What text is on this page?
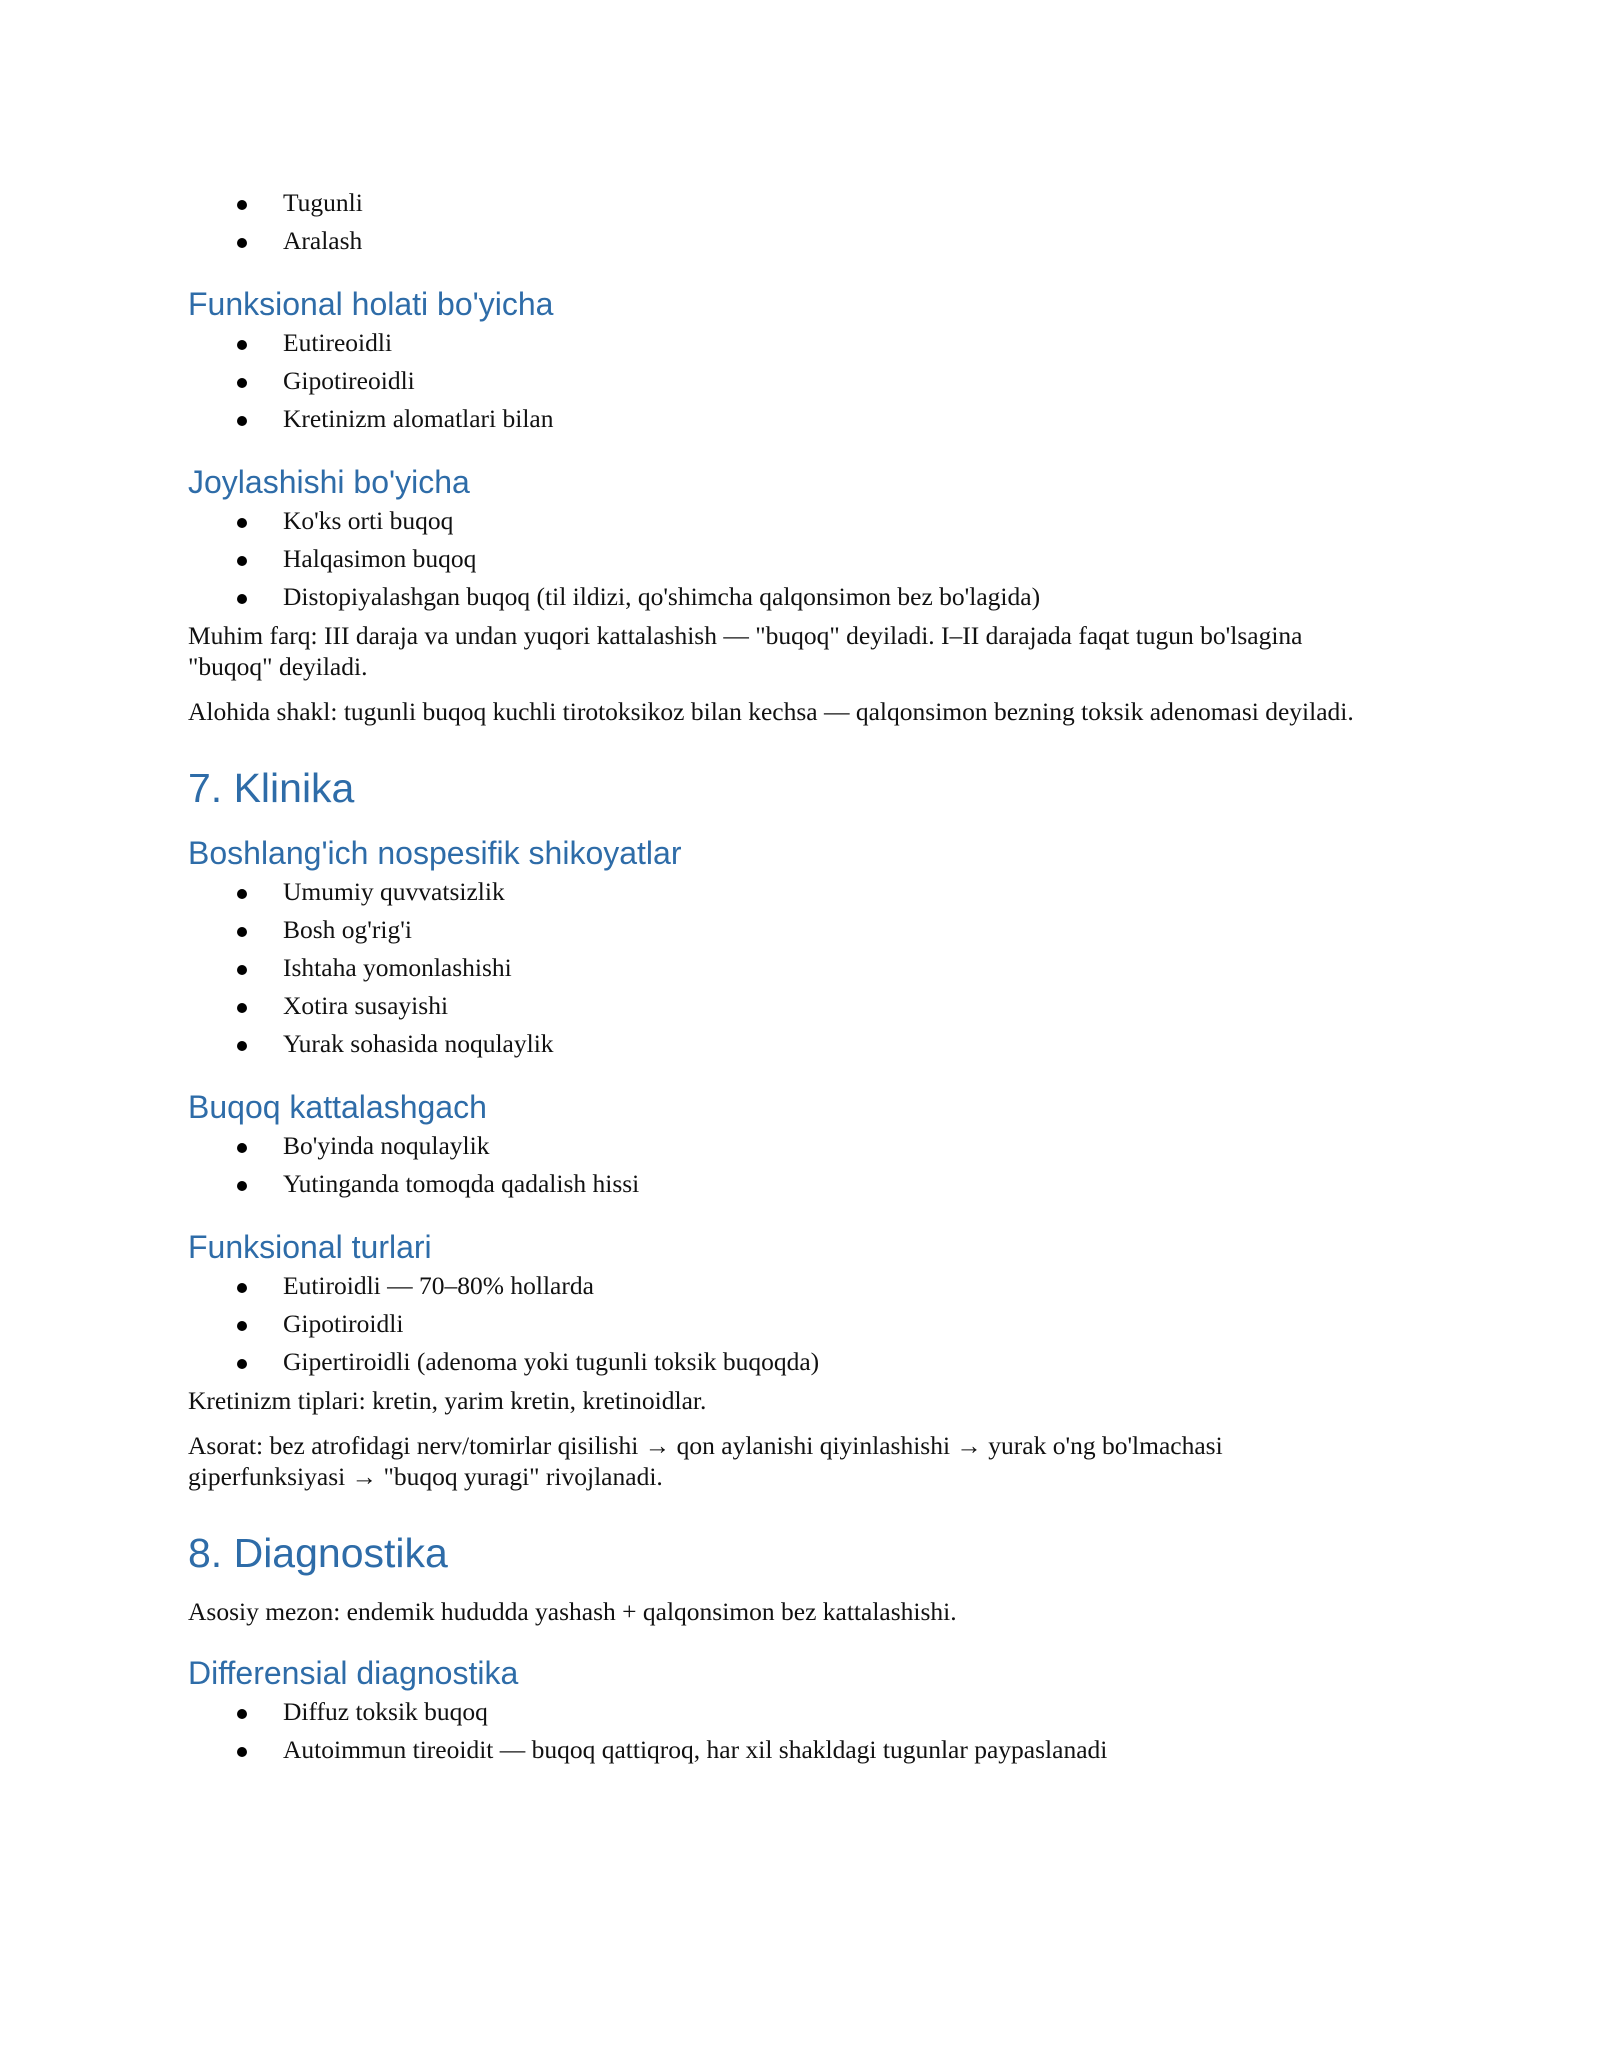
Tugunli
Aralash
Funksional holati bo'yicha
Eutireoidli
Gipotireoidli
Kretinizm alomatlari bilan
Joylashishi bo'yicha
Ko'ks orti buqoq
Halqasimon buqoq
Distopiyalashgan buqoq (til ildizi, qo'shimcha qalqonsimon bez bo'lagida)

Muhim farq: III daraja va undan yuqori kattalashish — "buqoq" deyiladi. I–II darajada faqat tugun bo'lsagina
"buqoq" deyiladi.

Alohida shakl: tugunli buqoq kuchli tirotoksikoz bilan kechsa — qalqonsimon bezning toksik adenomasi deyiladi.

7. Klinika
Boshlang'ich nospesifik shikoyatlar
Umumiy quvvatsizlik
Bosh og'rig'i
Ishtaha yomonlashishi
Xotira susayishi
Yurak sohasida noqulaylik
Buqoq kattalashgach
Bo'yinda noqulaylik
Yutinganda tomoqda qadalish hissi
Funksional turlari
Eutiroidli — 70–80% hollarda
Gipotiroidli
Gipertiroidli (adenoma yoki tugunli toksik buqoqda)

Kretinizm tiplari: kretin, yarim kretin, kretinoidlar.

Asorat: bez atrofidagi nerv/tomirlar qisilishi → qon aylanishi qiyinlashishi → yurak o'ng bo'lmachasi
giperfunksiyasi → "buqoq yuragi" rivojlanadi.

8. Diagnostika

Asosiy mezon: endemik hududda yashash + qalqonsimon bez kattalashishi.

Differensial diagnostika
Diffuz toksik buqoq
Autoimmun tireoidit — buqoq qattiqroq, har xil shakldagi tugunlar paypaslanadi
